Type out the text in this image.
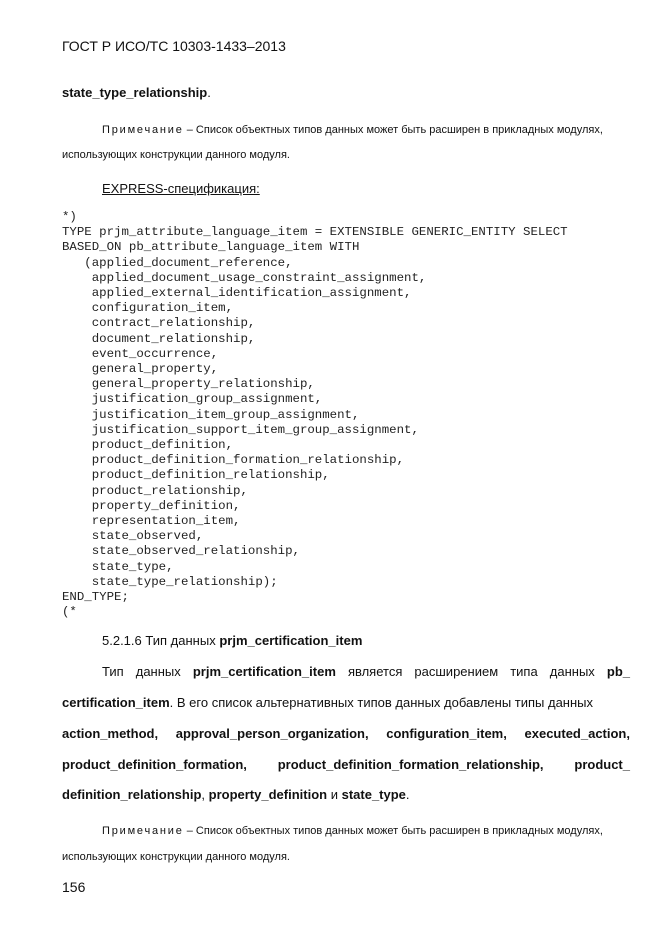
ГОСТ Р ИСО/ТС 10303-1433–2013
state_type_relationship.
Примечание – Список объектных типов данных может быть расширен в прикладных модулях,
использующих конструкции данного модуля.
EXPRESS-спецификация:
*)
TYPE prjm_attribute_language_item = EXTENSIBLE GENERIC_ENTITY SELECT
BASED_ON pb_attribute_language_item WITH
(applied_document_reference,
applied_document_usage_constraint_assignment,
applied_external_identification_assignment,
configuration_item,
contract_relationship,
document_relationship,
event_occurrence,
general_property,
general_property_relationship,
justification_group_assignment,
justification_item_group_assignment,
justification_support_item_group_assignment,
product_definition,
product_definition_formation_relationship,
product_definition_relationship,
product_relationship,
property_definition,
representation_item,
state_observed,
state_observed_relationship,
state_type,
state_type_relationship);
END_TYPE;
(*
5.2.1.6 Тип данных prjm_certification_item
Тип данных prjm_certification_item является расширением типа данных pb_
certification_item. В его список альтернативных типов данных добавлены типы данных
action_method, approval_person_organization, configuration_item, executed_action,
product_definition_formation, product_definition_formation_relationship, product_
definition_relationship, property_definition и state_type.
Примечание – Список объектных типов данных может быть расширен в прикладных модулях,
использующих конструкции данного модуля.
156
